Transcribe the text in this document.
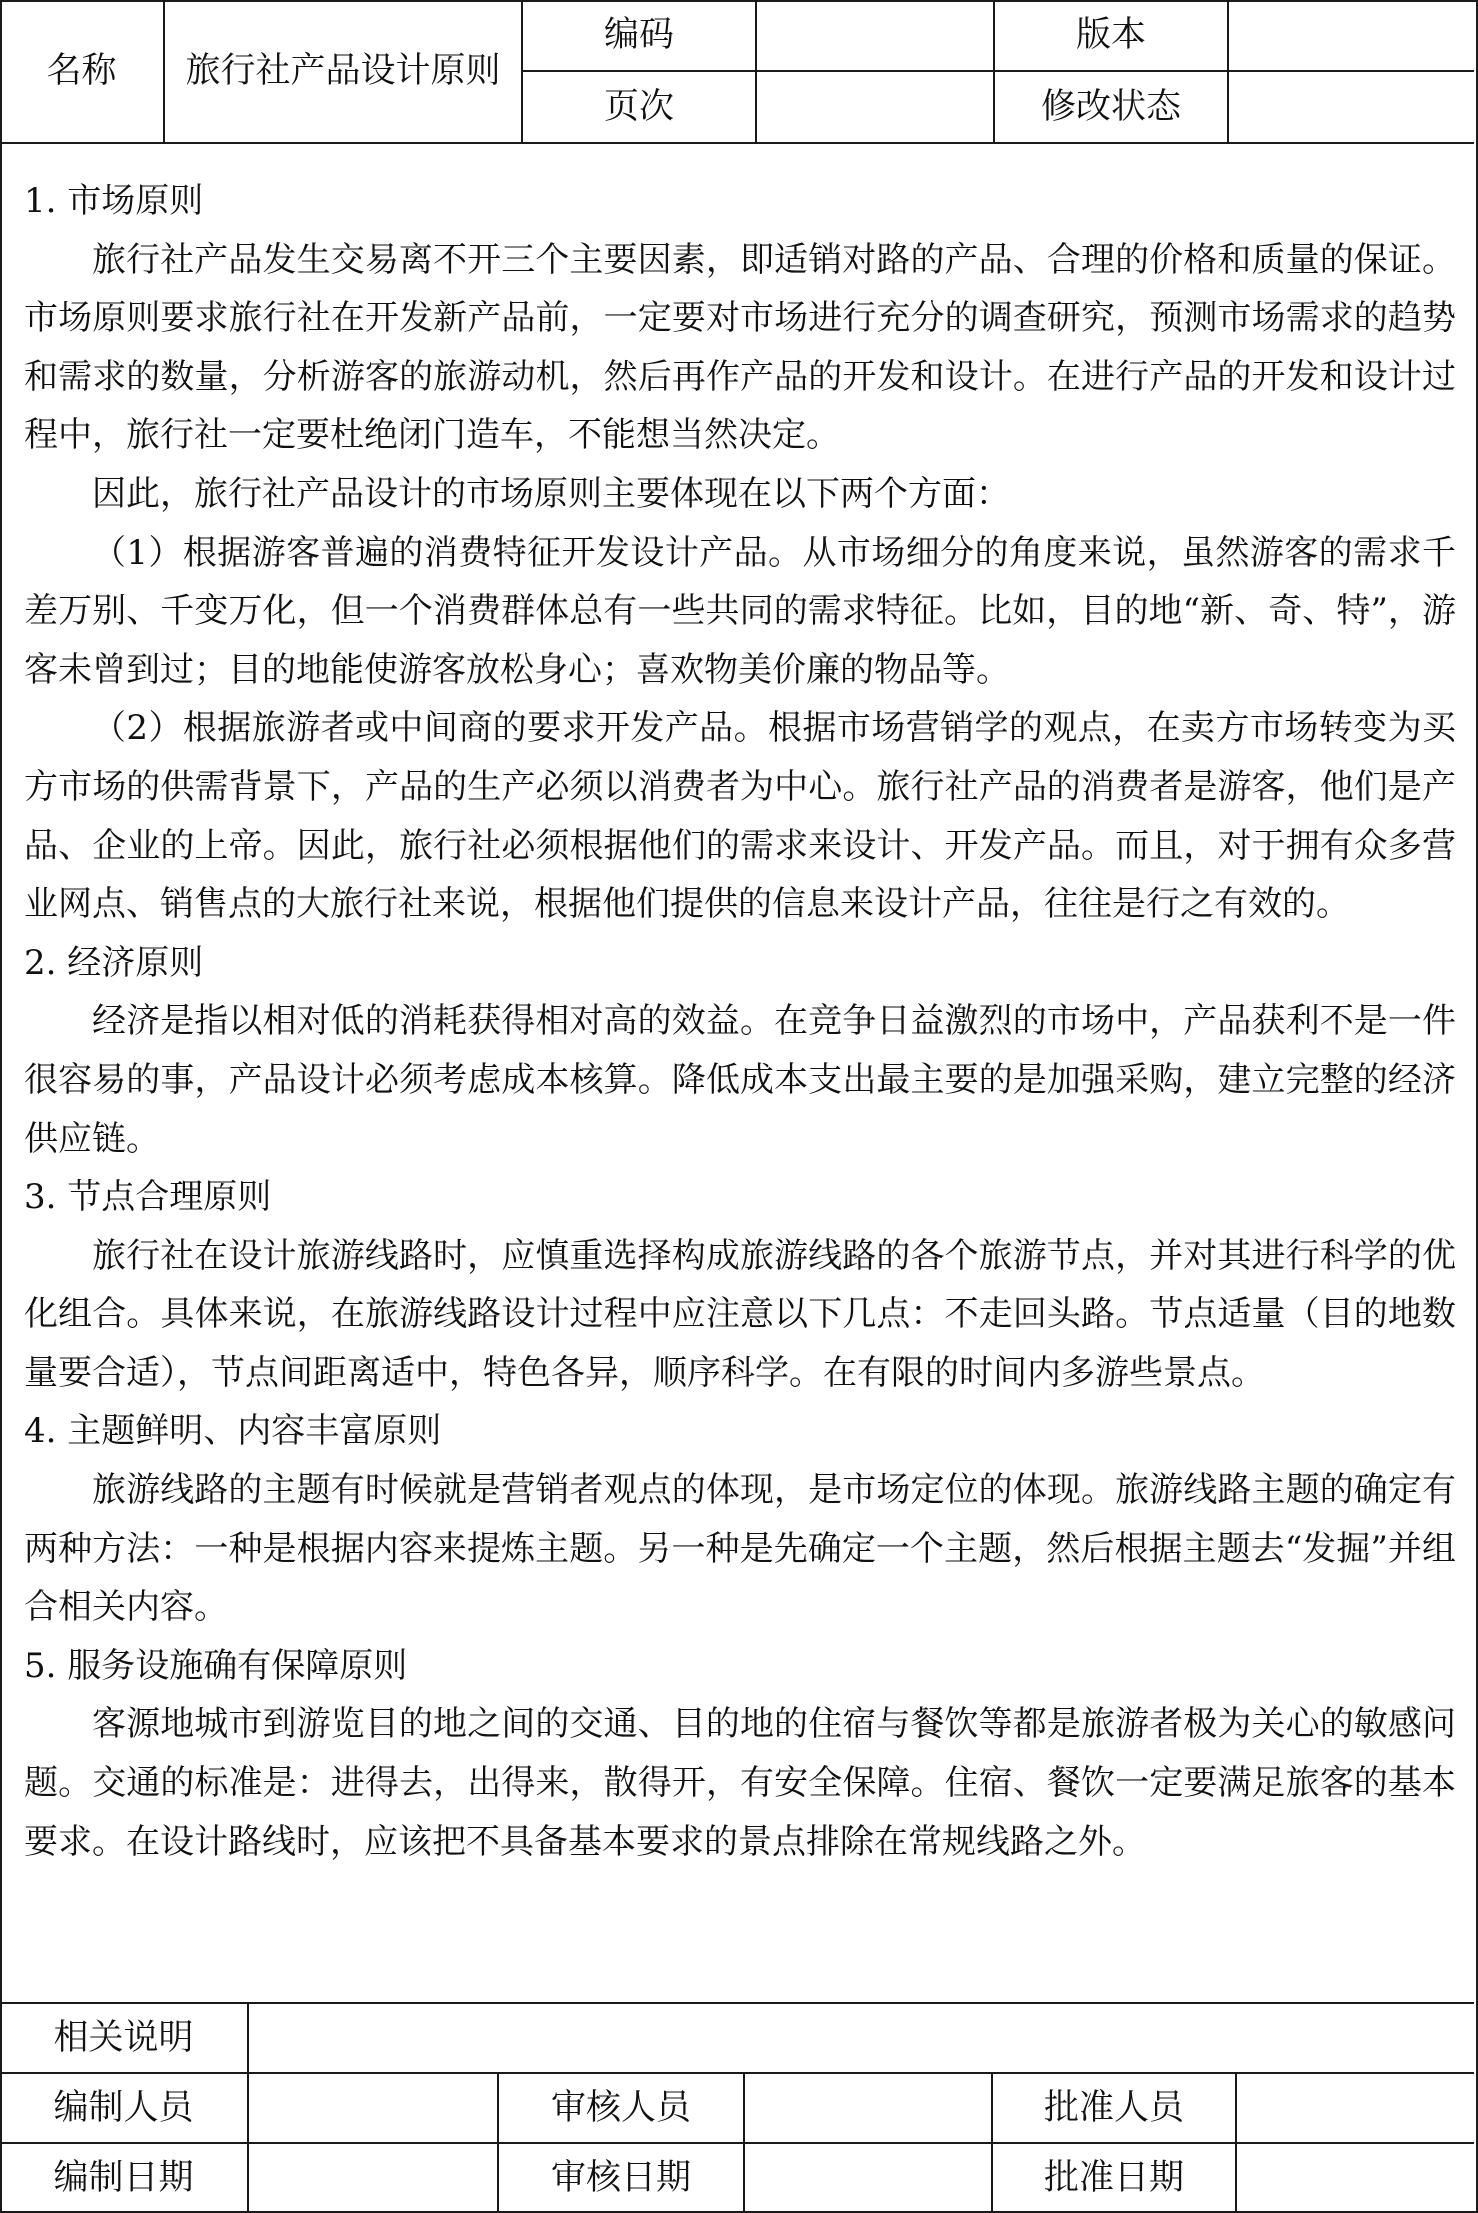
名称	旅行社产品设计原则	编码		版本	
		页次		修改状态	
1. 市场原则

旅行社产品发生交易离不开三个主要因素，即适销对路的产品、合理的价格和质量的保证。市场原则要求旅行社在开发新产品前，一定要对市场进行充分的调查研究，预测市场需求的趋势和需求的数量，分析游客的旅游动机，然后再作产品的开发和设计。在进行产品的开发和设计过程中，旅行社一定要杜绝闭门造车，不能想当然决定。

因此，旅行社产品设计的市场原则主要体现在以下两个方面：

（1）根据游客普遍的消费特征开发设计产品。从市场细分的角度来说，虽然游客的需求千差万别、千变万化，但一个消费群体总有一些共同的需求特征。比如，目的地“新、奇、特”，游客未曾到过；目的地能使游客放松身心；喜欢物美价廉的物品等。

（2）根据旅游者或中间商的要求开发产品。根据市场营销学的观点，在卖方市场转变为买方市场的供需背景下，产品的生产必须以消费者为中心。旅行社产品的消费者是游客，他们是产品、企业的上帝。因此，旅行社必须根据他们的需求来设计、开发产品。而且，对于拥有众多营业网点、销售点的大旅行社来说，根据他们提供的信息来设计产品，往往是行之有效的。

2. 经济原则

经济是指以相对低的消耗获得相对高的效益。在竞争日益激烈的市场中，产品获利不是一件很容易的事，产品设计必须考虑成本核算。降低成本支出最主要的是加强采购，建立完整的经济供应链。

3. 节点合理原则

旅行社在设计旅游线路时，应慎重选择构成旅游线路的各个旅游节点，并对其进行科学的优化组合。具体来说，在旅游线路设计过程中应注意以下几点：不走回头路。节点适量（目的地数量要合适），节点间距离适中，特色各异，顺序科学。在有限的时间内多游些景点。

4. 主题鲜明、内容丰富原则

旅游线路的主题有时候就是营销者观点的体现，是市场定位的体现。旅游线路主题的确定有两种方法：一种是根据内容来提炼主题。另一种是先确定一个主题，然后根据主题去“发掘”并组合相关内容。

5. 服务设施确有保障原则

客源地城市到游览目的地之间的交通、目的地的住宿与餐饮等都是旅游者极为关心的敏感问题。交通的标准是：进得去，出得来，散得开，有安全保障。住宿、餐饮一定要满足旅客的基本要求。在设计路线时，应该把不具备基本要求的景点排除在常规线路之外。

相关说明					
编制人员		审核人员		批准人员	
编制日期		审核日期		批准日期	
